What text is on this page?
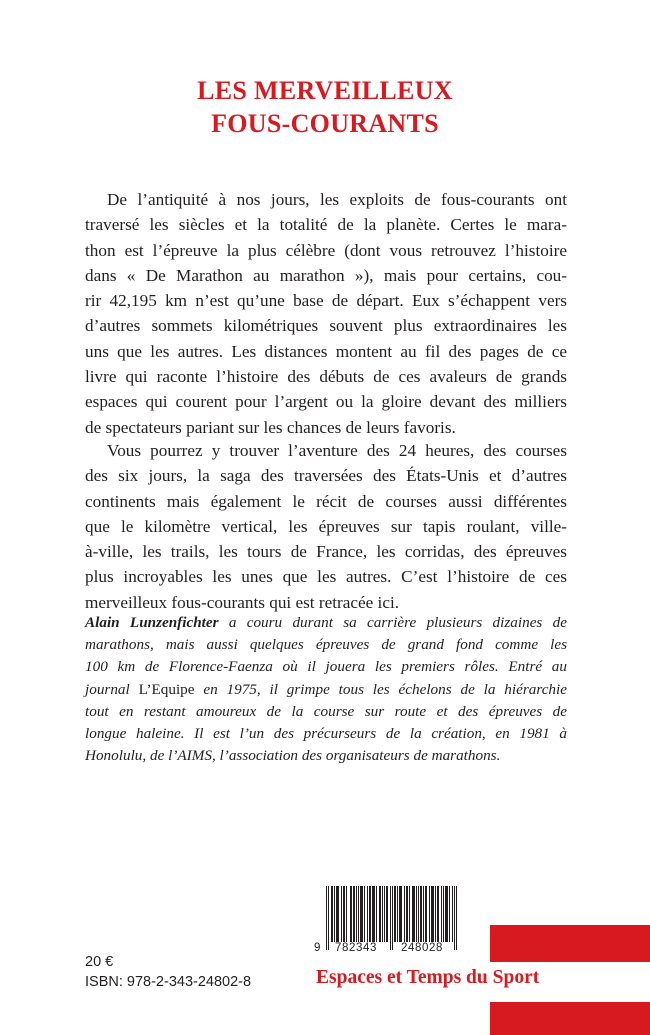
LES MERVEILLEUX
FOUS-COURANTS

De l’antiquité à nos jours, les exploits de fous-courants ont
traversé les siècles et la totalité de la planète. Certes le mara-
thon est l’épreuve la plus célèbre (dont vous retrouvez l’histoire
dans « De Marathon au marathon »), mais pour certains, cou-
rir 42,195 km n’est qu’une base de départ. Eux s’échappent vers
d’autres sommets kilométriques souvent plus extraordinaires les
uns que les autres. Les distances montent au fil des pages de ce
livre qui raconte l’histoire des débuts de ces avaleurs de grands
espaces qui courent pour l’argent ou la gloire devant des milliers
de spectateurs pariant sur les chances de leurs favoris.

Vous pourrez y trouver l’aventure des 24 heures, des courses
des six jours, la saga des traversées des États-Unis et d’autres
continents mais également le récit de courses aussi différentes
que le kilomètre vertical, les épreuves sur tapis roulant, ville-
à-ville, les trails, les tours de France, les corridas, des épreuves
plus incroyables les unes que les autres. C’est l’histoire de ces
merveilleux fous-courants qui est retracée ici.

Alain Lunzenfichter a couru durant sa carrière plusieurs dizaines de
marathons, mais aussi quelques épreuves de grand fond comme les
100 km de Florence-Faenza où il jouera les premiers rôles. Entré au
journal L’Equipe en 1975, il grimpe tous les échelons de la hiérarchie
tout en restant amoureux de la course sur route et des épreuves de
longue haleine. Il est l’un des précurseurs de la création, en 1981 à
Honolulu, de l’AIMS, l’association des organisateurs de marathons.

9 782343 248028
20 €
ISBN: 978-2-343-24802-8	Espaces et Temps du Sport
